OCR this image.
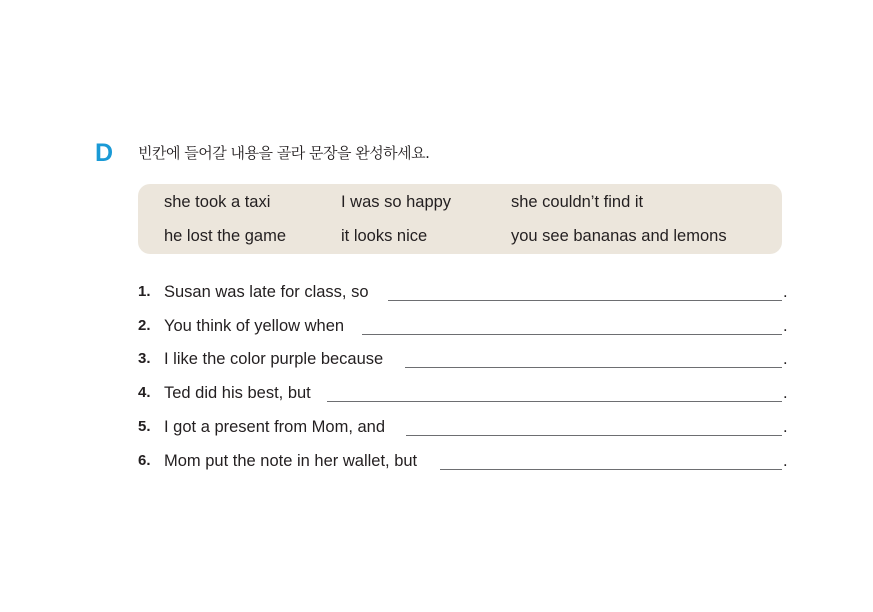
D 빈칸에 들어갈 내용을 골라 문장을 완성하세요.
she took a taxi	I was so happy	she couldn’t find it
he lost the game	it looks nice	you see bananas and lemons
1. Susan was late for class, so	.
2. You think of yellow when	.
3. I like the color purple because	.
4. Ted did his best, but	.
5. I got a present from Mom, and	.
6. Mom put the note in her wallet, but	.
